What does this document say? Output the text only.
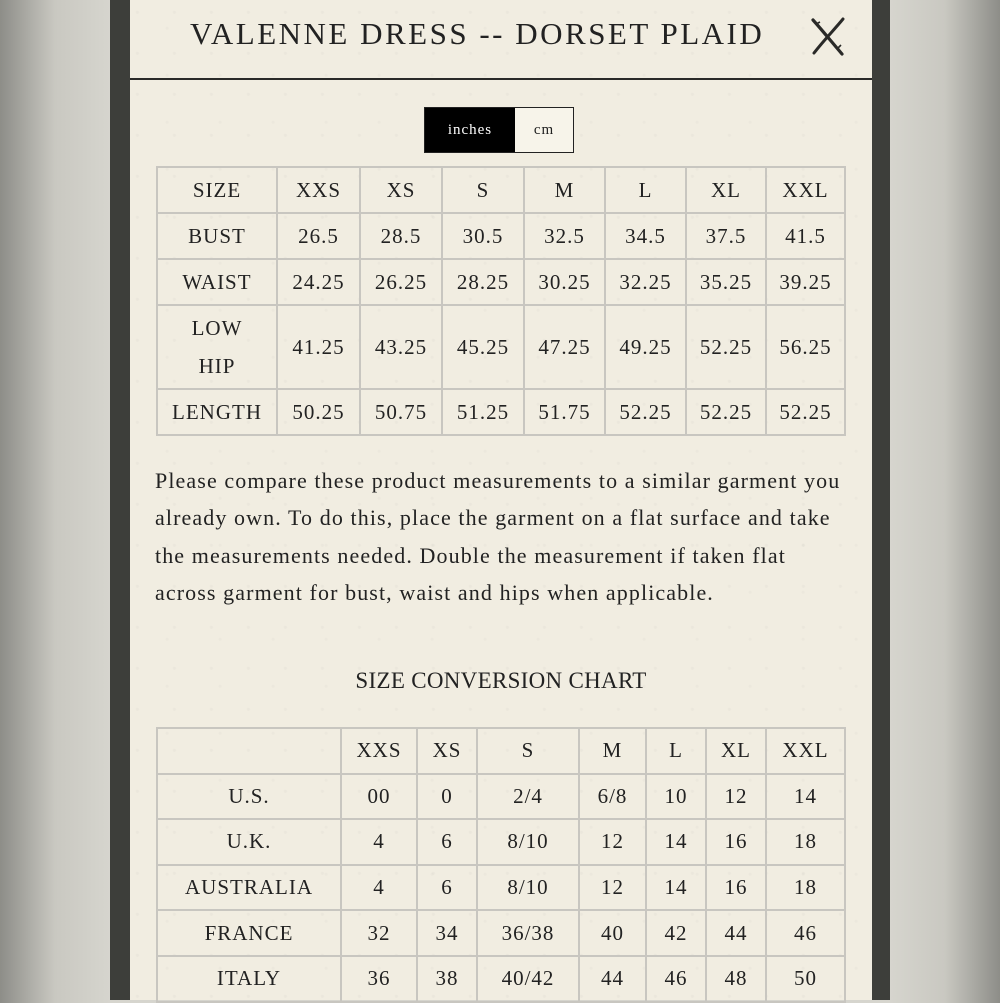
VALENNE DRESS -- DORSET PLAID
inches	cm
SIZE	XXS	XS	S	M	L	XL	XXL

BUST	26.5	28.5	30.5	32.5	34.5	37.5	41.5

WAIST	24.25	26.25	28.25	30.25	32.25	35.25	39.25

LOW
HIP	41.25	43.25	45.25	47.25	49.25	52.25	56.25

LENGTH	50.25	50.75	51.25	51.75	52.25	52.25	52.25

Please compare these product measurements to a similar garment you already own. To do this, place the garment on a flat surface and take the measurements needed. Double the measurement if taken flat across garment for bust, waist and hips when applicable.

SIZE CONVERSION CHART
	XXS	XS	S	M	L	XL	XXL
U.S.	00	0	2/4	6/8	10	12	14
U.K.	4	6	8/10	12	14	16	18
AUSTRALIA	4	6	8/10	12	14	16	18
FRANCE	32	34	36/38	40	42	44	46
ITALY	36	38	40/42	44	46	48	50
